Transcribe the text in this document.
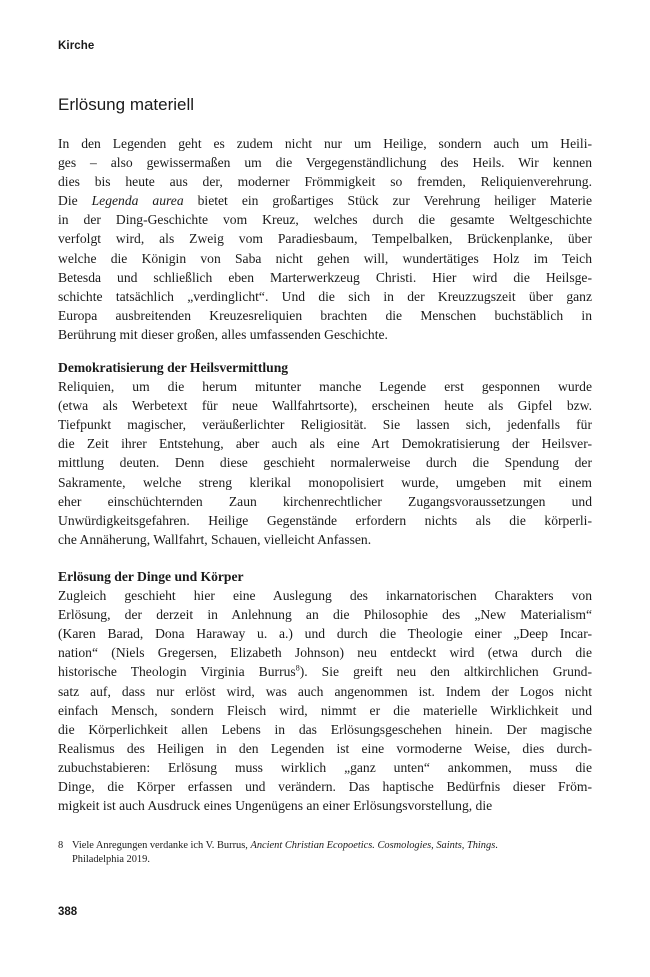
Kirche
Erlösung materiell
In den Legenden geht es zudem nicht nur um Heilige, sondern auch um Heili-
ges – also gewissermaßen um die Vergegenständlichung des Heils. Wir kennen
dies bis heute aus der, moderner Frömmigkeit so fremden, Reliquienverehrung.
Die Legenda aurea bietet ein großartiges Stück zur Verehrung heiliger Materie
in der Ding-Geschichte vom Kreuz, welches durch die gesamte Weltgeschichte
verfolgt wird, als Zweig vom Paradiesbaum, Tempelbalken, Brückenplanke, über
welche die Königin von Saba nicht gehen will, wundertätiges Holz im Teich
Betesda und schließlich eben Marterwerkzeug Christi. Hier wird die Heilsge-
schichte tatsächlich „verdinglicht“. Und die sich in der Kreuzzugszeit über ganz
Europa ausbreitenden Kreuzesreliquien brachten die Menschen buchstäblich in
Berührung mit dieser großen, alles umfassenden Geschichte.
Demokratisierung der Heilsvermittlung
Reliquien, um die herum mitunter manche Legende erst gesponnen wurde
(etwa als Werbetext für neue Wallfahrtsorte), erscheinen heute als Gipfel bzw.
Tiefpunkt magischer, veräußerlichter Religiosität. Sie lassen sich, jedenfalls für
die Zeit ihrer Entstehung, aber auch als eine Art Demokratisierung der Heilsver-
mittlung deuten. Denn diese geschieht normalerweise durch die Spendung der
Sakramente, welche streng klerikal monopolisiert wurde, umgeben mit einem
eher einschüchternden Zaun kirchenrechtlicher Zugangsvoraussetzungen und
Unwürdigkeitsgefahren. Heilige Gegenstände erfordern nichts als die körperli-
che Annäherung, Wallfahrt, Schauen, vielleicht Anfassen.
Erlösung der Dinge und Körper
Zugleich geschieht hier eine Auslegung des inkarnatorischen Charakters von
Erlösung, der derzeit in Anlehnung an die Philosophie des „New Materialism“
(Karen Barad, Dona Haraway u. a.) und durch die Theologie einer „Deep Incar-
nation“ (Niels Gregersen, Elizabeth Johnson) neu entdeckt wird (etwa durch die
historische Theologin Virginia Burrus$^8$). Sie greift neu den altkirchlichen Grund-
satz auf, dass nur erlöst wird, was auch angenommen ist. Indem der Logos nicht
einfach Mensch, sondern Fleisch wird, nimmt er die materielle Wirklichkeit und
die Körperlichkeit allen Lebens in das Erlösungsgeschehen hinein. Der magische
Realismus des Heiligen in den Legenden ist eine vormoderne Weise, dies durch-
zubuchstabieren: Erlösung muss wirklich „ganz unten“ ankommen, muss die
Dinge, die Körper erfassen und verändern. Das haptische Bedürfnis dieser Fröm-
migkeit ist auch Ausdruck eines Ungenügens an einer Erlösungsvorstellung, die
8 Viele Anregungen verdanke ich V. Burrus, Ancient Christian Ecopoetics. Cosmologies, Saints, Things.
Philadelphia 2019.
388
